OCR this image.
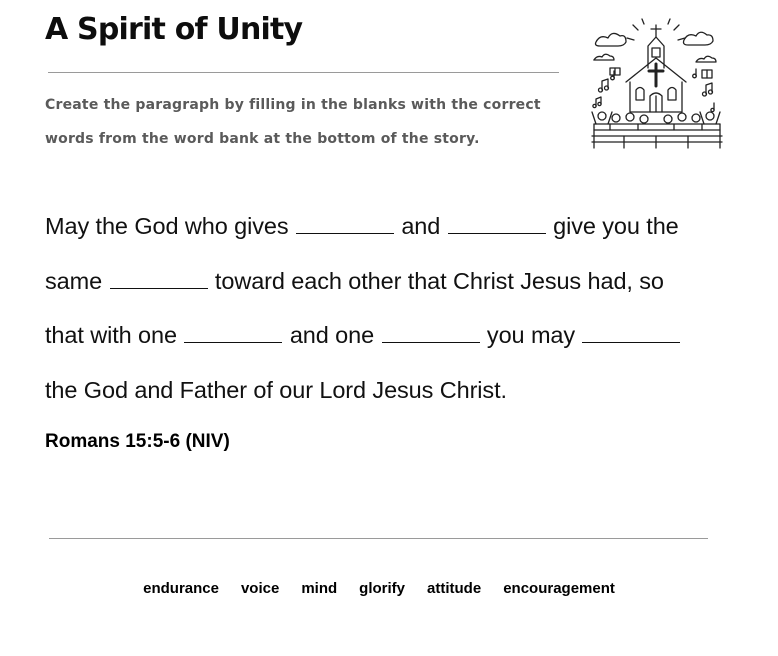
A Spirit of Unity
Create the paragraph by filling in the blanks with the correct
words from the word bank at the bottom of the story.
May the God who gives	and	give you the
same	toward each other that Christ Jesus had, so
that with one	and one	you may
the God and Father of our Lord Jesus Christ.
Romans 15:5-6 (NIV)
endurance voice mind glorify attitude encouragement
